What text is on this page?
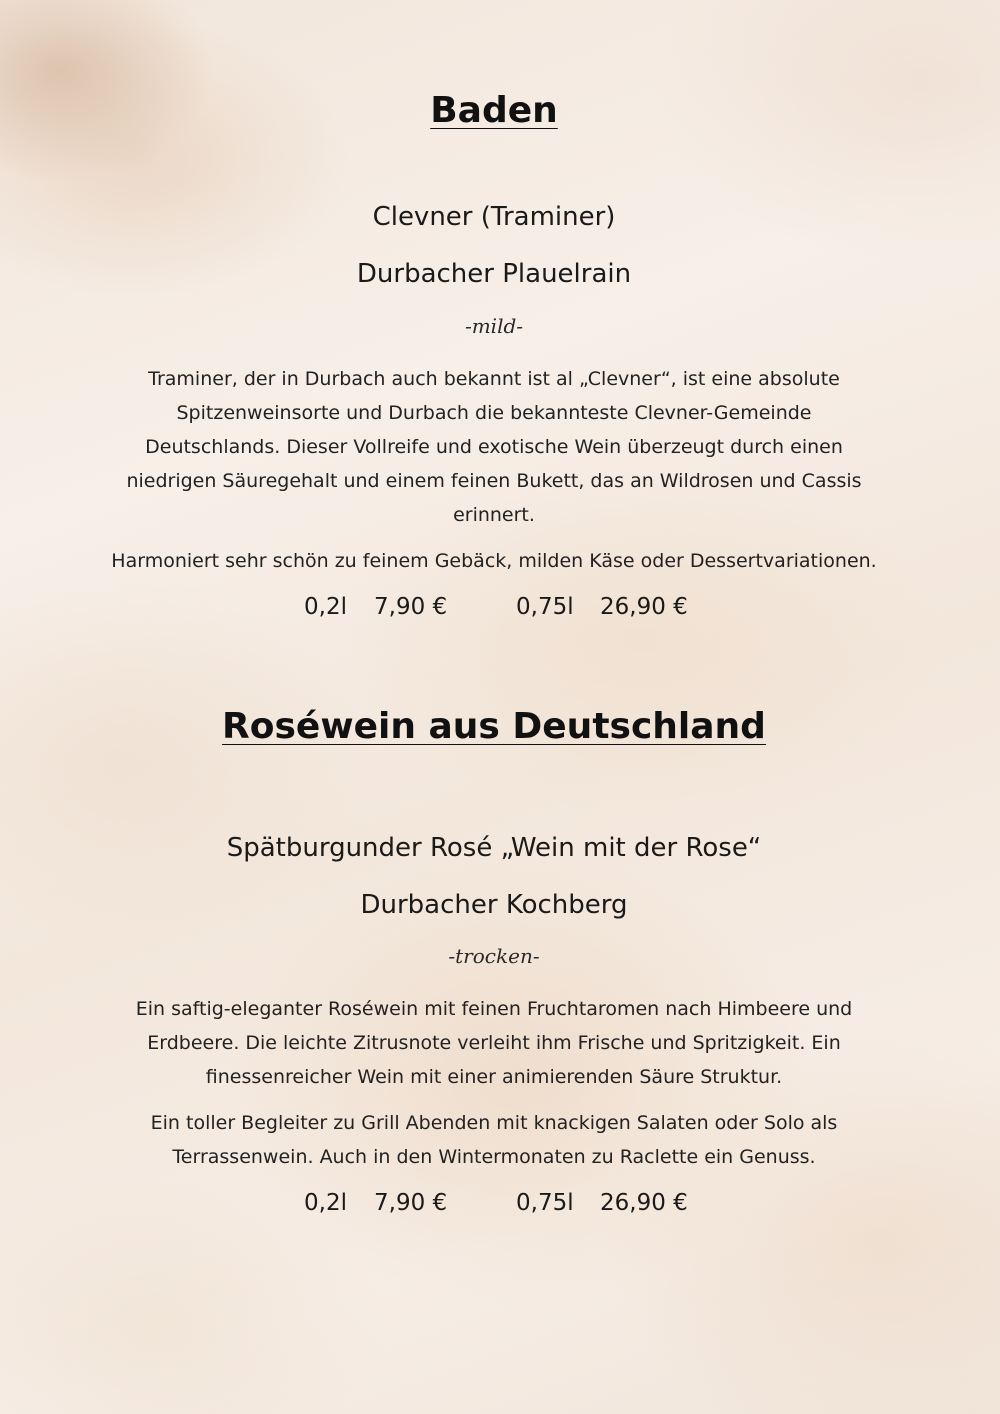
Baden

Clevner (Traminer)

Durbacher Plauelrain

-mild-

Traminer, der in Durbach auch bekannt ist al „Clevner“, ist eine absolute

Spitzenweinsorte und Durbach die bekannteste Clevner-Gemeinde

Deutschlands. Dieser Vollreife und exotische Wein überzeugt durch einen

niedrigen Säuregehalt und einem feinen Bukett, das an Wildrosen und Cassis

erinnert.

Harmoniert sehr schön zu feinem Gebäck, milden Käse oder Dessertvariationen.

0,2l 7,90 €	0,75l 26,90 €
Roséwein aus Deutschland

Spätburgunder Rosé „Wein mit der Rose“

Durbacher Kochberg

-trocken-

Ein saftig-eleganter Roséwein mit feinen Fruchtaromen nach Himbeere und

Erdbeere. Die leichte Zitrusnote verleiht ihm Frische und Spritzigkeit. Ein

finessenreicher Wein mit einer animierenden Säure Struktur.

Ein toller Begleiter zu Grill Abenden mit knackigen Salaten oder Solo als

Terrassenwein. Auch in den Wintermonaten zu Raclette ein Genuss.

0,2l 7,90 €	0,75l 26,90 €
